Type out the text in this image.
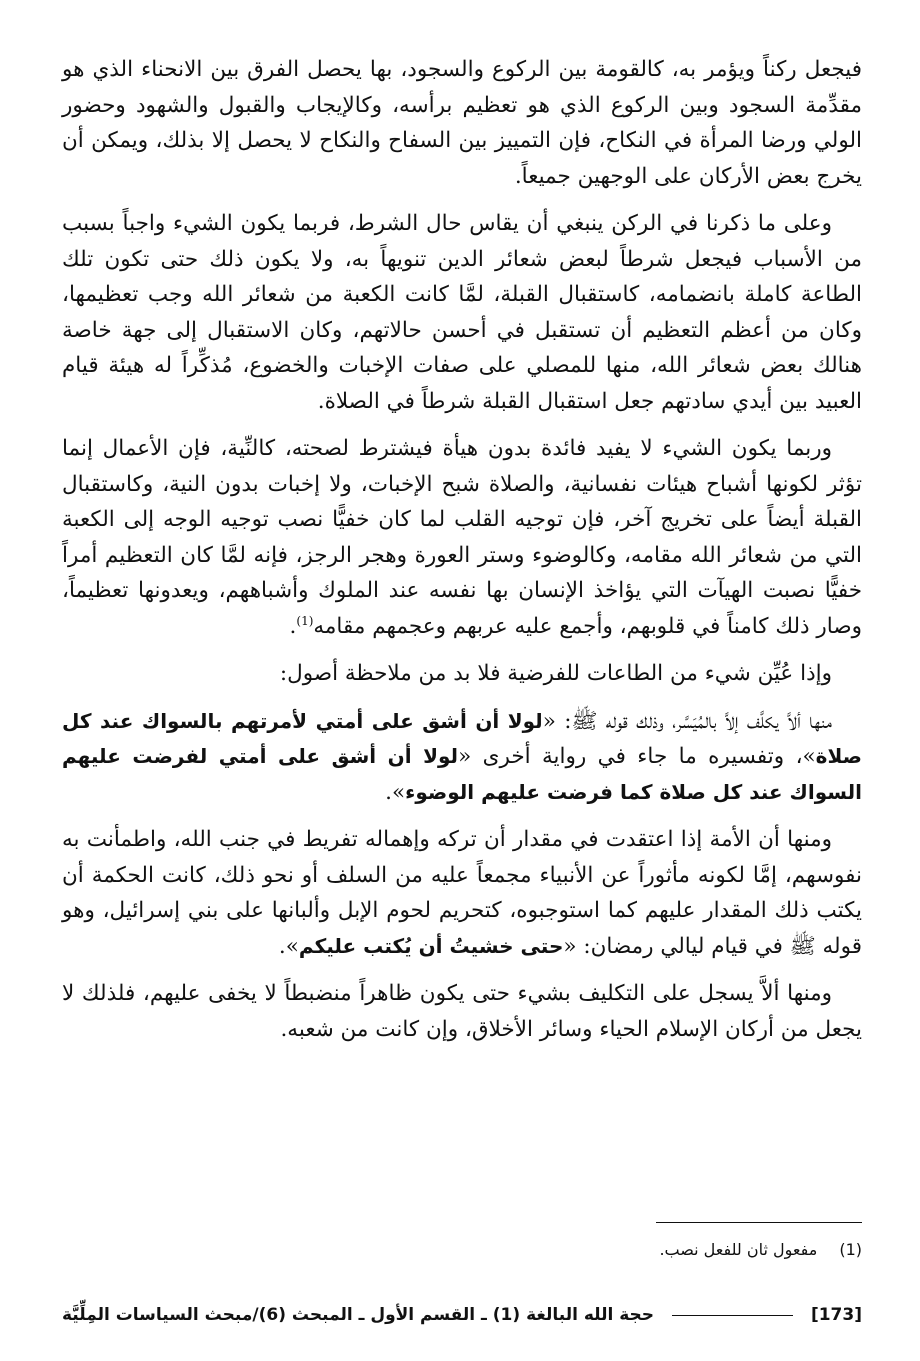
فيجعل ركناً ويؤمر به، كالقومة بين الركوع والسجود، بها يحصل الفرق بين الانحناء الذي هو مقدِّمة السجود وبين الركوع الذي هو تعظيم برأسه، وكالإيجاب والقبول والشهود وحضور الولي ورضا المرأة في النكاح، فإن التمييز بين السفاح والنكاح لا يحصل إلا بذلك، ويمكن أن يخرج بعض الأركان على الوجهين جميعاً.

وعلى ما ذكرنا في الركن ينبغي أن يقاس حال الشرط، فربما يكون الشيء واجباً بسبب من الأسباب فيجعل شرطاً لبعض شعائر الدين تنويهاً به، ولا يكون ذلك حتى تكون تلك الطاعة كاملة بانضمامه، كاستقبال القبلة، لمَّا كانت الكعبة من شعائر الله وجب تعظيمها، وكان من أعظم التعظيم أن تستقبل في أحسن حالاتهم، وكان الاستقبال إلى جهة خاصة هنالك بعض شعائر الله، منها للمصلي على صفات الإخبات والخضوع، مُذكِّراً له هيئة قيام العبيد بين أيدي سادتهم جعل استقبال القبلة شرطاً في الصلاة.

وربما يكون الشيء لا يفيد فائدة بدون هيأة فيشترط لصحته، كالنِّية، فإن الأعمال إنما تؤثر لكونها أشباح هيئات نفسانية، والصلاة شبح الإخبات، ولا إخبات بدون النية، وكاستقبال القبلة أيضاً على تخريج آخر، فإن توجيه القلب لما كان خفيًّا نصب توجيه الوجه إلى الكعبة التي من شعائر الله مقامه، وكالوضوء وستر العورة وهجر الرجز، فإنه لمَّا كان التعظيم أمراً خفيًّا نصبت الهيآت التي يؤاخذ الإنسان بها نفسه عند الملوك وأشباههم، ويعدونها تعظيماً، وصار ذلك كامناً في قلوبهم، وأجمع عليه عربهم وعجمهم مقامه$^{(1)}$.

وإذا عُيِّن شيء من الطاعات للفرضية فلا بد من ملاحظة أصول:

منها ألاَّ يكلَّف إلاَّ بالمُيَسَّر، وذلك قوله ﷺ: «لولا أن أشق على أمتي لأمرتهم بالسواك عند كل صلاة»، وتفسيره ما جاء في رواية أخرى «لولا أن أشق على أمتي لفرضت عليهم السواك عند كل صلاة كما فرضت عليهم الوضوء».

ومنها أن الأمة إذا اعتقدت في مقدار أن تركه وإهماله تفريط في جنب الله، واطمأنت به نفوسهم، إمَّا لكونه مأثوراً عن الأنبياء مجمعاً عليه من السلف أو نحو ذلك، كانت الحكمة أن يكتب ذلك المقدار عليهم كما استوجبوه، كتحريم لحوم الإبل وألبانها على بني إسرائيل، وهو قوله ﷺ في قيام ليالي رمضان: «حتى خشيتُ أن يُكتب عليكم».

ومنها ألاَّ يسجل على التكليف بشيء حتى يكون ظاهراً منضبطاً لا يخفى عليهم، فلذلك لا يجعل من أركان الإسلام الحياء وسائر الأخلاق، وإن كانت من شعبه.

(1)مفعول ثان للفعل نصب.
[173]
حجة الله البالغة (1) ـ القسم الأول ـ المبحث (6)/مبحث السياسات المِلِّيَّة
